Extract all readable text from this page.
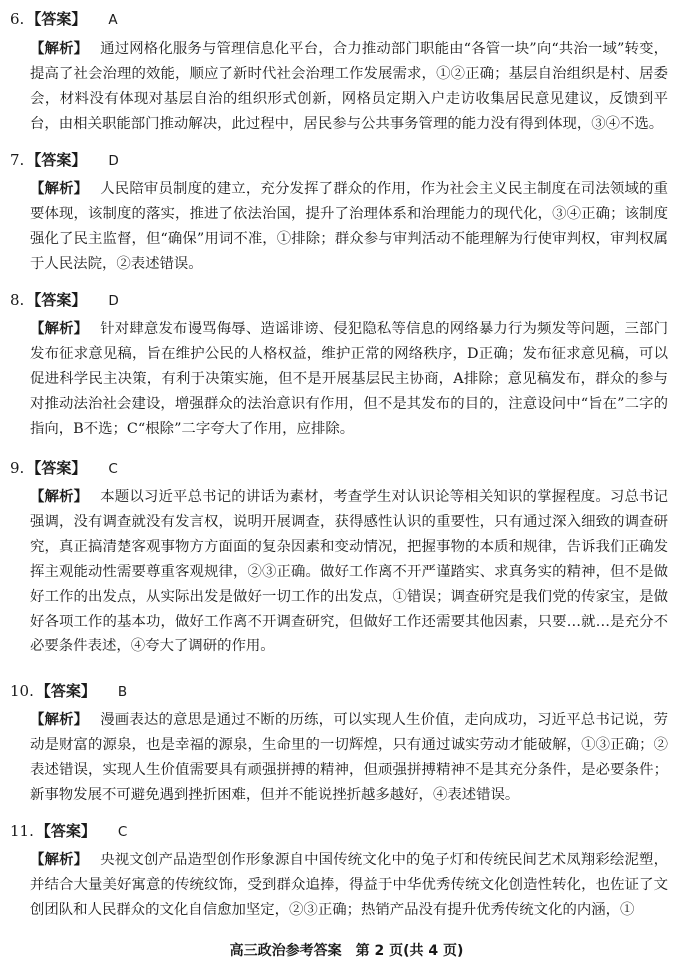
6. 【答案】 A
【解析】 通过网格化服务与管理信息化平台，合力推动部门职能由“各管一块”向“共治一域”转变，提高了社会治理的效能，顺应了新时代社会治理工作发展需求，①②正确；基层自治组织是村、居委会，材料没有体现对基层自治的组织形式创新，网格员定期入户走访收集居民意见建议，反馈到平台，由相关职能部门推动解决，此过程中，居民参与公共事务管理的能力没有得到体现，③④不选。
7. 【答案】 D
【解析】 人民陪审员制度的建立，充分发挥了群众的作用，作为社会主义民主制度在司法领域的重要体现，该制度的落实，推进了依法治国，提升了治理体系和治理能力的现代化，③④正确；该制度强化了民主监督，但“确保”用词不准，①排除；群众参与审判活动不能理解为行使审判权，审判权属于人民法院，②表述错误。
8. 【答案】 D
【解析】 针对肆意发布谩骂侮辱、造谣诽谤、侵犯隐私等信息的网络暴力行为频发等问题，三部门发布征求意见稿，旨在维护公民的人格权益，维护正常的网络秩序，D正确；发布征求意见稿，可以促进科学民主决策，有利于决策实施，但不是开展基层民主协商，A排除；意见稿发布，群众的参与对推动法治社会建设，增强群众的法治意识有作用，但不是其发布的目的，注意设问中“旨在”二字的指向，B不选；C“根除”二字夸大了作用，应排除。
9. 【答案】 C
【解析】 本题以习近平总书记的讲话为素材，考查学生对认识论等相关知识的掌握程度。习总书记强调，没有调查就没有发言权，说明开展调查，获得感性认识的重要性，只有通过深入细致的调查研究，真正搞清楚客观事物方方面面的复杂因素和变动情况，把握事物的本质和规律，告诉我们正确发挥主观能动性需要尊重客观规律，②③正确。做好工作离不开严谨踏实、求真务实的精神，但不是做好工作的出发点，从实际出发是做好一切工作的出发点，①错误；调查研究是我们党的传家宝，是做好各项工作的基本功，做好工作离不开调查研究，但做好工作还需要其他因素，只要…就…是充分不必要条件表述，④夸大了调研的作用。
10. 【答案】 B
【解析】 漫画表达的意思是通过不断的历练，可以实现人生价值，走向成功，习近平总书记说，劳动是财富的源泉，也是幸福的源泉，生命里的一切辉煌，只有通过诚实劳动才能破解，①③正确；②表述错误，实现人生价值需要具有顽强拼搏的精神，但顽强拼搏精神不是其充分条件，是必要条件；新事物发展不可避免遇到挫折困难，但并不能说挫折越多越好，④表述错误。
11. 【答案】 C
【解析】 央视文创产品造型创作形象源自中国传统文化中的兔子灯和传统民间艺术凤翔彩绘泥塑，并结合大量美好寓意的传统纹饰，受到群众追捧，得益于中华优秀传统文化创造性转化，也佐证了文创团队和人民群众的文化自信愈加坚定，②③正确；热销产品没有提升优秀传统文化的内涵，①
高三政治参考答案　第 2 页(共 4 页)
